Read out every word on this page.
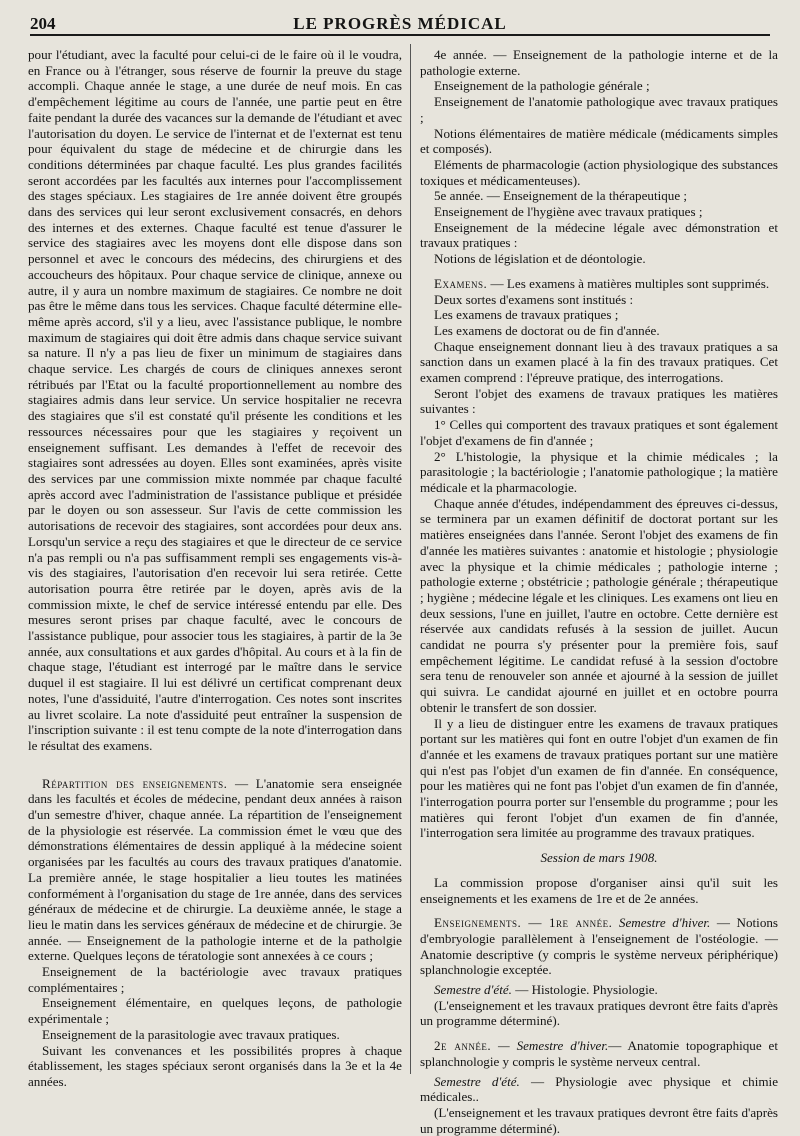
204	LE PROGRÈS MÉDICAL

pour l'étudiant, avec la faculté pour celui-ci de le faire où il le voudra, en France ou à l'étranger, sous réserve de fournir la preuve du stage accompli. Chaque année le stage, a une durée de neuf mois. En cas d'empêchement légitime au cours de l'année, une partie peut en être faite pendant la durée des vacances sur la demande de l'étudiant et avec l'autorisation du doyen. Le service de l'internat et de l'externat est tenu pour équivalent du stage de médecine et de chirurgie dans les conditions déterminées par chaque faculté. Les plus grandes facilités seront accordées par les facultés aux internes pour l'accomplissement des stages spéciaux. Les stagiaires de 1re année doivent être groupés dans des services qui leur seront exclusivement consacrés, en dehors des internes et des externes. Chaque faculté est tenue d'assurer le service des stagiaires avec les moyens dont elle dispose dans son personnel et avec le concours des médecins, des chirurgiens et des accoucheurs des hôpitaux. Pour chaque service de clinique, annexe ou autre, il y aura un nombre maximum de stagiaires. Ce nombre ne doit pas être le même dans tous les services. Chaque faculté détermine elle-même après accord, s'il y a lieu, avec l'assistance publique, le nombre maximum de stagiaires qui doit être admis dans chaque service suivant sa nature. Il n'y a pas lieu de fixer un minimum de stagiaires dans chaque service. Les chargés de cours de cliniques annexes seront rétribués par l'Etat ou la faculté proportionnellement au nombre des stagiaires admis dans leur service. Un service hospitalier ne recevra des stagiaires que s'il est constaté qu'il présente les conditions et les ressources nécessaires pour que les stagiaires y reçoivent un enseignement suffisant. Les demandes à l'effet de recevoir des stagiaires sont adressées au doyen. Elles sont examinées, après visite des services par une commission mixte nommée par chaque faculté après accord avec l'administration de l'assistance publique et présidée par le doyen ou son assesseur. Sur l'avis de cette commission les autorisations de recevoir des stagiaires, sont accordées pour deux ans. Lorsqu'un service a reçu des stagiaires et que le directeur de ce service n'a pas rempli ou n'a pas suffisamment rempli ses engagements vis-à-vis des stagiaires, l'autorisation d'en recevoir lui sera retirée. Cette autorisation pourra être retirée par le doyen, après avis de la commission mixte, le chef de service intéressé entendu par elle. Des mesures seront prises par chaque faculté, avec le concours de l'assistance publique, pour associer tous les stagiaires, à partir de la 3e année, aux consultations et aux gardes d'hôpital. Au cours et à la fin de chaque stage, l'étudiant est interrogé par le maître dans le service duquel il est stagiaire. Il lui est délivré un certificat comprenant deux notes, l'une d'assiduité, l'autre d'interrogation. Ces notes sont inscrites au livret scolaire. La note d'assiduité peut entraîner la suspension de l'inscription suivante : il est tenu compte de la note d'interrogation dans le résultat des examens.

Répartition des enseignements. — L'anatomie sera enseignée dans les facultés et écoles de médecine, pendant deux années à raison d'un semestre d'hiver, chaque année. La répartition de l'enseignement de la physiologie est réservée. La commission émet le vœu que des démonstrations élémentaires de dessin appliqué à la médecine soient organisées par les facultés au cours des travaux pratiques d'anatomie. La première année, le stage hospitalier a lieu toutes les matinées conformément à l'organisation du stage de 1re année, dans des services généraux de médecine et de chirurgie. La deuxième année, le stage a lieu le matin dans les services généraux de médecine et de chirurgie. 3e année. — Enseignement de la pathologie interne et de la patholgie externe. Quelques leçons de tératologie sont annexées à ce cours ;

Enseignement de la bactériologie avec travaux pratiques complémentaires ;

Enseignement élémentaire, en quelques leçons, de pathologie expérimentale ;

Enseignement de la parasitologie avec travaux pratiques.

Suivant les convenances et les possibilités propres à chaque établissement, les stages spéciaux seront organisés dans la 3e et la 4e années.

4e année. — Enseignement de la pathologie interne et de la pathologie externe.

Enseignement de la pathologie générale ;

Enseignement de l'anatomie pathologique avec travaux pratiques ;

Notions élémentaires de matière médicale (médicaments simples et composés).

Eléments de pharmacologie (action physiologique des substances toxiques et médicamenteuses).

5e année. — Enseignement de la thérapeutique ;

Enseignement de l'hygiène avec travaux pratiques ;

Enseignement de la médecine légale avec démonstration et travaux pratiques :

Notions de législation et de déontologie.

Examens. — Les examens à matières multiples sont supprimés.

Deux sortes d'examens sont institués :

Les examens de travaux pratiques ;

Les examens de doctorat ou de fin d'année.

Chaque enseignement donnant lieu à des travaux pratiques a sa sanction dans un examen placé à la fin des travaux pratiques. Cet examen comprend : l'épreuve pratique, des interrogations.

Seront l'objet des examens de travaux pratiques les matières suivantes :

1° Celles qui comportent des travaux pratiques et sont également l'objet d'examens de fin d'année ;

2° L'histologie, la physique et la chimie médicales ; la parasitologie ; la bactériologie ; l'anatomie pathologique ; la matière médicale et la pharmacologie.

Chaque année d'études, indépendamment des épreuves ci-dessus, se terminera par un examen définitif de doctorat portant sur les matières enseignées dans l'année. Seront l'objet des examens de fin d'année les matières suivantes : anatomie et histologie ; physiologie avec la physique et la chimie médicales ; pathologie interne ; pathologie externe ; obstétricie ; pathologie générale ; thérapeutique ; hygiène ; médecine légale et les cliniques. Les examens ont lieu en deux sessions, l'une en juillet, l'autre en octobre. Cette dernière est réservée aux candidats refusés à la session de juillet. Aucun candidat ne pourra s'y présenter pour la première fois, sauf empêchement légitime. Le candidat refusé à la session d'octobre sera tenu de renouveler son année et ajourné à la session de juillet qui suivra. Le candidat ajourné en juillet et en octobre pourra obtenir le transfert de son dossier.

Il y a lieu de distinguer entre les examens de travaux pratiques portant sur les matières qui font en outre l'objet d'un examen de fin d'année et les examens de travaux pratiques portant sur une matière qui n'est pas l'objet d'un examen de fin d'année. En conséquence, pour les matières qui ne font pas l'objet d'un examen de fin d'année, l'interrogation pourra porter sur l'ensemble du programme ; pour les matières qui feront l'objet d'un examen de fin d'année, l'interrogation sera limitée au programme des travaux pratiques.

Session de mars 1908.

La commission propose d'organiser ainsi qu'il suit les enseignements et les examens de 1re et de 2e années.

Enseignements. — 1re année. Semestre d'hiver. — Notions d'embryologie parallèlement à l'enseignement de l'ostéologie. — Anatomie descriptive (y compris le système nerveux périphérique) splanchnologie exceptée.

Semestre d'été. — Histologie. Physiologie.

(L'enseignement et les travaux pratiques devront être faits d'après un programme déterminé).

2e année. — Semestre d'hiver.— Anatomie topographique et splanchnologie y compris le système nerveux central.

Semestre d'été. — Physiologie avec physique et chimie médicales..

(L'enseignement et les travaux pratiques devront être faits d'après un programme déterminé).
